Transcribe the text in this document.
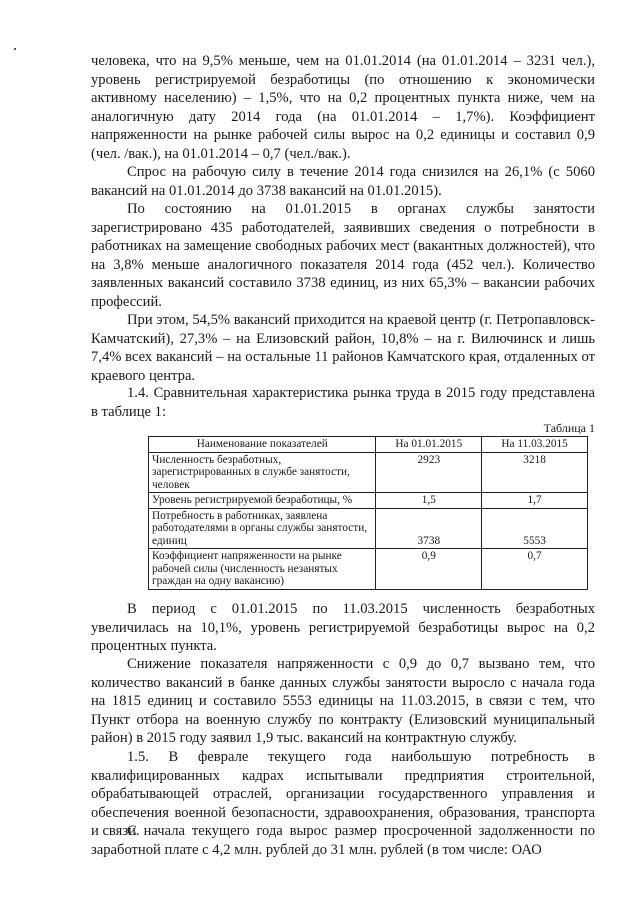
человека, что на 9,5% меньше, чем на 01.01.2014 (на 01.01.2014 – 3231 чел.), уровень регистрируемой безработицы (по отношению к экономически активному населению) – 1,5%, что на 0,2 процентных пункта ниже, чем на аналогичную дату 2014 года (на 01.01.2014 – 1,7%). Коэффициент напряженности на рынке рабочей силы вырос на 0,2 единицы и составил 0,9 (чел. /вак.), на 01.01.2014 – 0,7 (чел./вак.).

Спрос на рабочую силу в течение 2014 года снизился на 26,1% (с 5060 вакансий на 01.01.2014 до 3738 вакансий на 01.01.2015).

По состоянию на 01.01.2015 в органах службы занятости зарегистрировано 435 работодателей, заявивших сведения о потребности в работниках на замещение свободных рабочих мест (вакантных должностей), что на 3,8% меньше аналогичного показателя 2014 года (452 чел.). Количество заявленных вакансий составило 3738 единиц, из них 65,3% – вакансии рабочих профессий.

При этом, 54,5% вакансий приходится на краевой центр (г. Петропавловск-Камчатский), 27,3% – на Елизовский район, 10,8% – на г. Вилючинск и лишь 7,4% всех вакансий – на остальные 11 районов Камчатского края, отдаленных от краевого центра.

1.4. Сравнительная характеристика рынка труда в 2015 году представлена в таблице 1:

Таблица 1
Наименование показателей	На 01.01.2015	На 11.03.2015
Численность безработных, зарегистрированных в службе занятости, человек	2923	3218
Уровень регистрируемой безработицы, %	1,5	1,7
Потребность в работниках, заявлена работодателями в органы службы занятости, единиц	3738	5553
Коэффициент напряженности на рынке рабочей силы (численность незанятых граждан на одну вакансию)	0,9	0,7

В период с 01.01.2015 по 11.03.2015 численность безработных увеличилась на 10,1%, уровень регистрируемой безработицы вырос на 0,2 процентных пункта.

Снижение показателя напряженности с 0,9 до 0,7 вызвано тем, что количество вакансий в банке данных службы занятости выросло с начала года на 1815 единиц и составило 5553 единицы на 11.03.2015, в связи с тем, что Пункт отбора на военную службу по контракту (Елизовский муниципальный район) в 2015 году заявил 1,9 тыс. вакансий на контрактную службу.

1.5. В феврале текущего года наибольшую потребность в квалифицированных кадрах испытывали предприятия строительной, обрабатывающей отраслей, организации государственного управления и обеспечения военной безопасности, здравоохранения, образования, транспорта и связи.

С начала текущего года вырос размер просроченной задолженности по заработной плате с 4,2 млн. рублей до 31 млн. рублей (в том числе: ОАО
